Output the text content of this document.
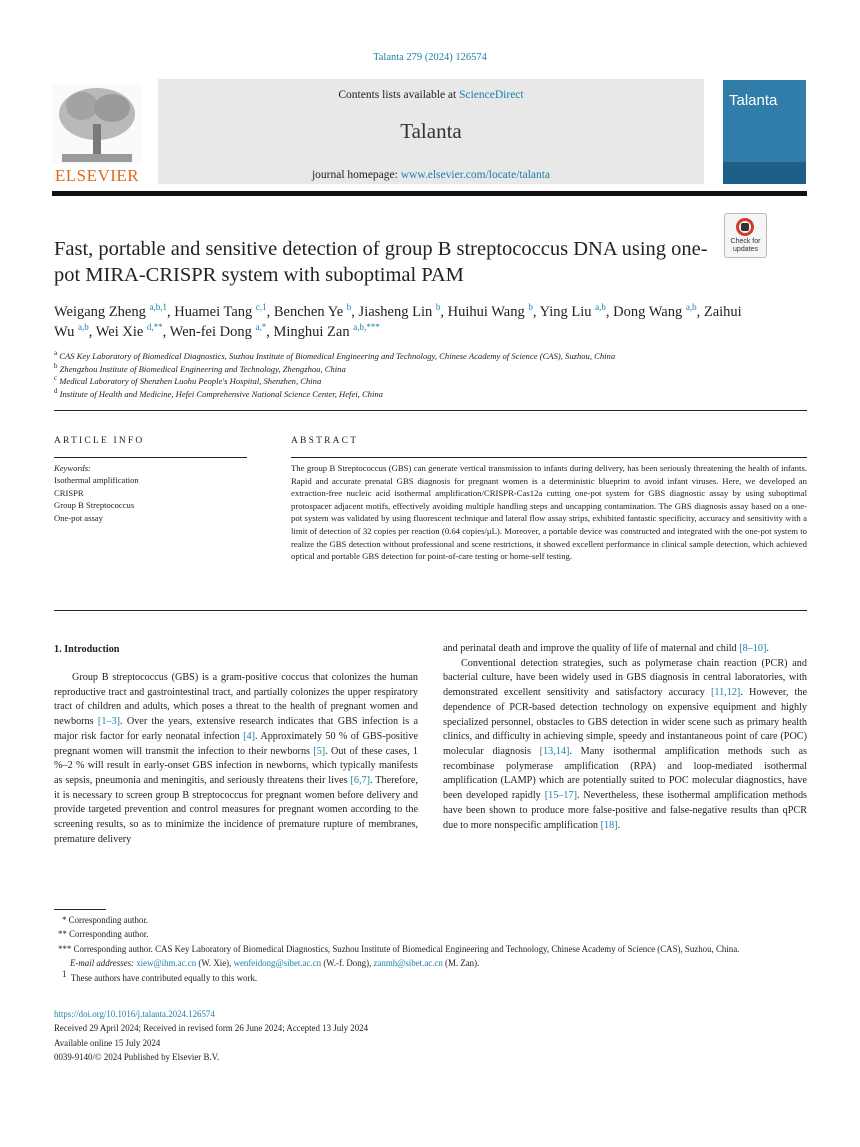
Talanta 279 (2024) 126574
ELSEVIER
Contents lists available at ScienceDirect
Talanta
journal homepage: www.elsevier.com/locate/talanta
Talanta
Check for updates
Fast, portable and sensitive detection of group B streptococcus DNA using one-pot MIRA-CRISPR system with suboptimal PAM
Weigang Zheng $^{a,b,1}$, Huamei Tang $^{c,1}$, Benchen Ye $^b$, Jiasheng Lin $^b$, Huihui Wang $^b$, Ying Liu $^{a,b}$, Dong Wang $^{a,b}$, Zaihui Wu $^{a,b}$, Wei Xie $^{d,**}$, Wen-fei Dong $^{a,*}$, Minghui Zan $^{a,b,***}$
$^a$ CAS Key Laboratory of Biomedical Diagnostics, Suzhou Institute of Biomedical Engineering and Technology, Chinese Academy of Science (CAS), Suzhou, China
$^b$ Zhengzhou Institute of Biomedical Engineering and Technology, Zhengzhou, China
$^c$ Medical Laboratory of Shenzhen Luohu People's Hospital, Shenzhen, China
$^d$ Institute of Health and Medicine, Hefei Comprehensive National Science Center, Hefei, China
ARTICLE INFO
Keywords:
Isothermal amplification
CRISPR
Group B Streptococcus
One-pot assay
ABSTRACT
The group B Streptococcus (GBS) can generate vertical transmission to infants during delivery, has been seriously threatening the health of infants. Rapid and accurate prenatal GBS diagnosis for pregnant women is a deterministic blueprint to avoid infant viruses. Here, we developed an extraction-free nucleic acid isothermal amplification/CRISPR-Cas12a cutting one-pot system for GBS diagnostic assay by using suboptimal protospacer adjacent motifs, effectively avoiding multiple handling steps and uncapping contamination. The GBS diagnosis assay based on a one-pot system was validated by using fluorescent technique and lateral flow assay strips, exhibited fantastic specificity, accuracy and sensitivity with a limit of detection of 32 copies per reaction (0.64 copies/μL). Moreover, a portable device was constructed and integrated with the one-pot system to realize the GBS detection without professional and scene restrictions, it showed excellent performance in clinical sample detection, which achieved optical and portable GBS detection for point-of-care testing or home-self testing.
1. Introduction

Group B streptococcus (GBS) is a gram-positive coccus that colonizes the human reproductive tract and gastrointestinal tract, and partially colonizes the upper respiratory tract of children and adults, which poses a threat to the health of pregnant women and newborns [1–3]. Over the years, extensive research indicates that GBS infection is a major risk factor for early neonatal infection [4]. Approximately 50 % of GBS-positive pregnant women will transmit the infection to their newborns [5]. Out of these cases, 1 %–2 % will result in early-onset GBS infection in newborns, which typically manifests as sepsis, pneumonia and meningitis, and seriously threatens their lives [6,7]. Therefore, it is necessary to screen group B streptococcus for pregnant women before delivery and provide targeted prevention and control measures for pregnant women according to the screening results, so as to minimize the incidence of premature rupture of membranes, premature delivery

and perinatal death and improve the quality of life of maternal and child [8–10].

Conventional detection strategies, such as polymerase chain reaction (PCR) and bacterial culture, have been widely used in GBS diagnosis in central laboratories, with demonstrated excellent sensitivity and satisfactory accuracy [11,12]. However, the dependence of PCR-based detection technology on expensive equipment and highly specialized personnel, obstacles to GBS detection in wider scene such as primary health clinics, and difficulty in achieving simple, speedy and instantaneous point of care (POC) molecular diagnosis [13,14]. Many isothermal amplification methods such as recombinase polymerase amplification (RPA) and loop-mediated isothermal amplification (LAMP) which are potentially suited to POC molecular diagnostics, have been developed rapidly [15–17]. Nevertheless, these isothermal amplification methods have been shown to produce more false-positive and false-negative results than qPCR due to more nonspecific amplification [18].

* Corresponding author.

** Corresponding author.

*** Corresponding author. CAS Key Laboratory of Biomedical Diagnostics, Suzhou Institute of Biomedical Engineering and Technology, Chinese Academy of Science (CAS), Suzhou, China.

E-mail addresses: xiew@ihm.ac.cn (W. Xie), wenfeidong@sibet.ac.cn (W.-f. Dong), zanmh@sibet.ac.cn (M. Zan).

$^1$ These authors have contributed equally to this work.

https://doi.org/10.1016/j.talanta.2024.126574

Received 29 April 2024; Received in revised form 26 June 2024; Accepted 13 July 2024

Available online 15 July 2024

0039-9140/© 2024 Published by Elsevier B.V.
